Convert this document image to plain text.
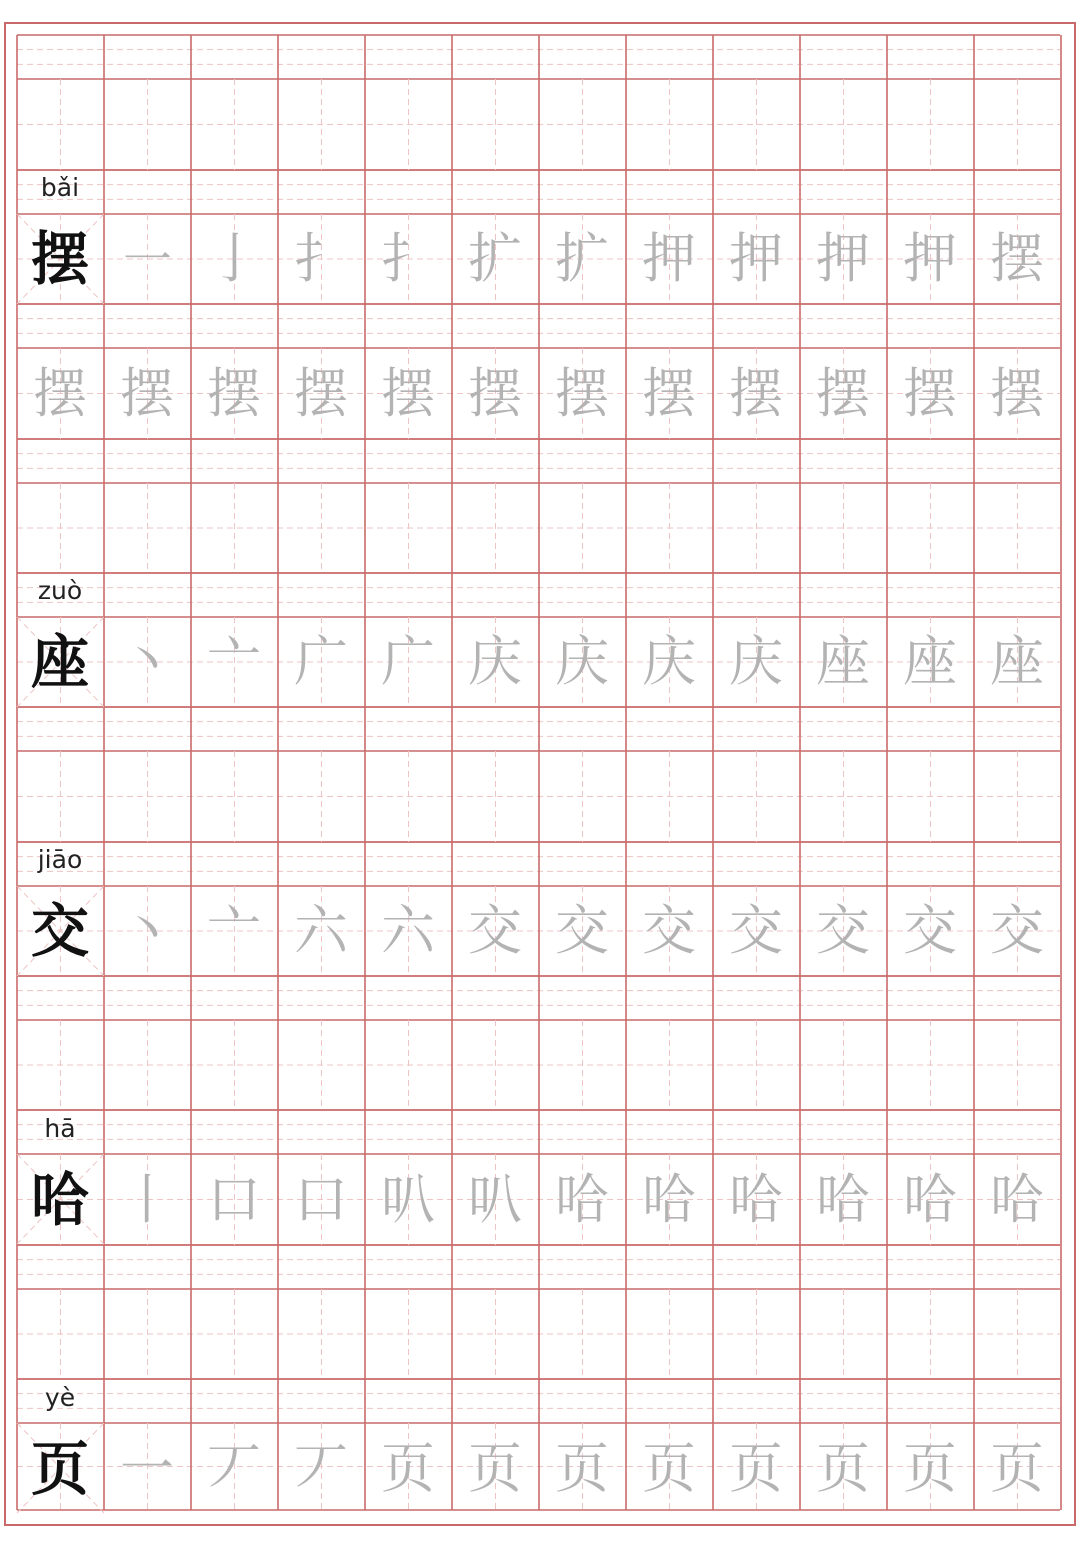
bǎi
摆 ㇐ 亅 扌 扌 扩 扩 押 押 押 押 摆
摆 摆 摆 摆 摆 摆 摆 摆 摆 摆 摆 摆
zuò
座 丶 亠 广 广 庆 庆 庆 庆 座 座 座
jiāo
交 丶 亠 六 六 交 交 交 交 交 交 交
hā
哈 丨 口 口 叭 叭 哈 哈 哈 哈 哈 哈
yè
页 一 丆 丆 页 页 页 页 页 页 页 页
